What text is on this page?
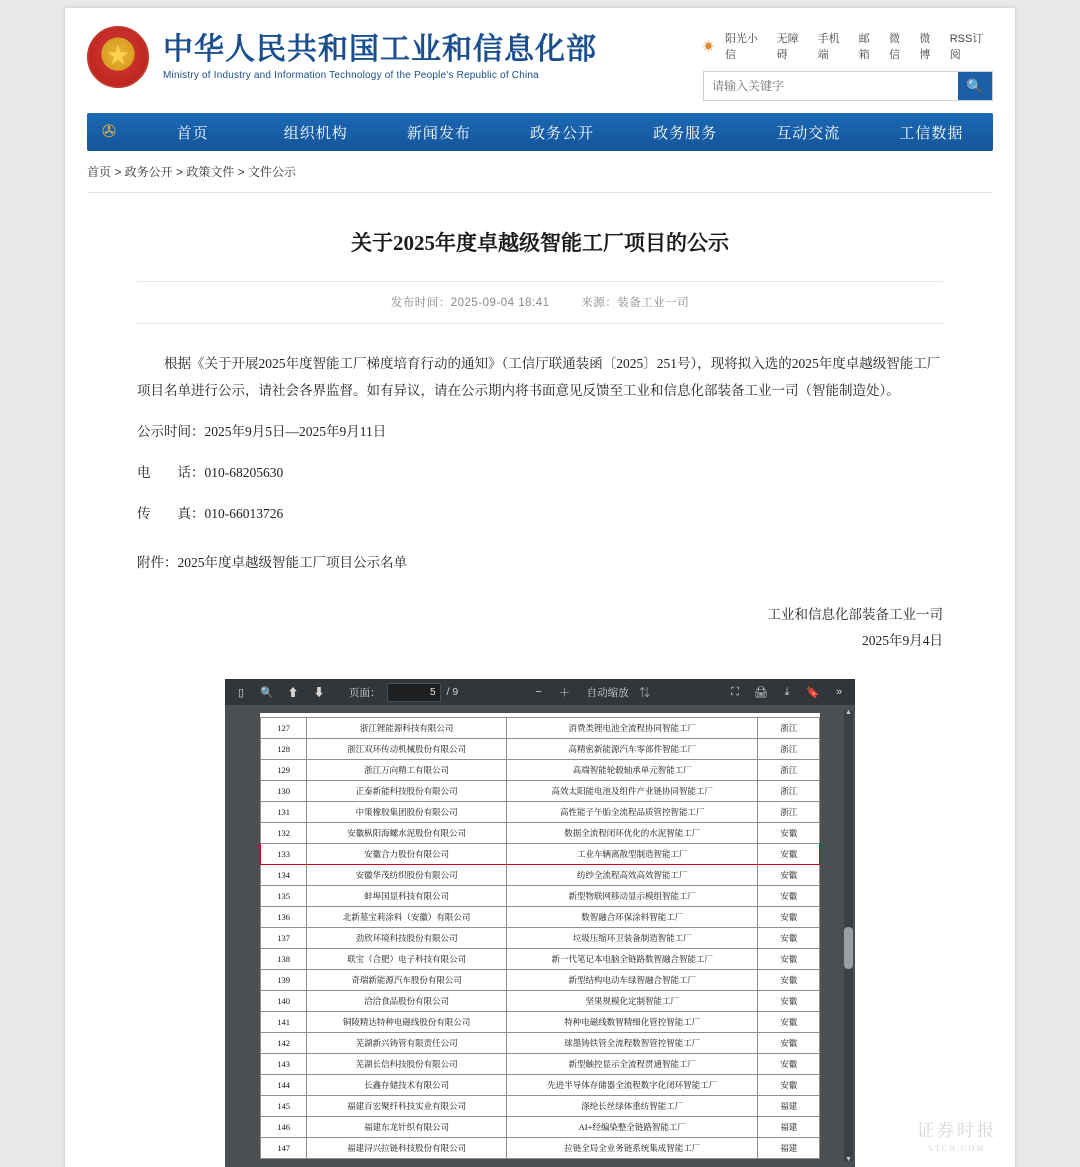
★
中华人民共和国工业和信息化部
Ministry of Industry and Information Technology of the People's Republic of China
☀
阳光小信
无障碍
手机端
邮箱
微信
微博
RSS订阅
请输入关键字
🔍
✇	首页	组织机构	新闻发布	政务公开	政务服务	互动交流	工信数据
首页 > 政务公开 > 政策文件 > 文件公示
关于2025年度卓越级智能工厂项目的公示
发布时间：2025-09-04 18:41	来源：装备工业一司

根据《关于开展2025年度智能工厂梯度培育行动的通知》（工信厅联通装函〔2025〕251号），现将拟入选的2025年度卓越级智能工厂项目名单进行公示，请社会各界监督。如有异议，请在公示期内将书面意见反馈至工业和信息化部装备工业一司（智能制造处）。

公示时间：2025年9月5日—2025年9月11日

电　　话：010-68205630

传　　真：010-66013726

附件：2025年度卓越级智能工厂项目公示名单

工业和信息化部装备工业一司
2025年9月4日
▯	🔍	⬆	⬇	页面：
5	/ 9	−	＋	自动缩放 ⇅	⛶	🖨	⤓	🔖	»
127	浙江锂能源科技有限公司	消费类锂电池全流程协同智能工厂	浙江
128	浙江双环传动机械股份有限公司	高精密新能源汽车零部件智能工厂	浙江
129	浙江万向精工有限公司	高端智能轮毂轴承单元智能工厂	浙江
130	正泰新能科技股份有限公司	高效太阳能电池及组件产业链协同智能工厂	浙江
131	中策橡胶集团股份有限公司	高性能子午胎全流程品质管控智能工厂	浙江
132	安徽枞阳海螺水泥股份有限公司	数据全流程闭环优化的水泥智能工厂	安徽
133	安徽合力股份有限公司	工业车辆离散型制造智能工厂	安徽
134	安徽华茂纺织股份有限公司	纺纱全流程高效高效智能工厂	安徽
135	蚌埠国显科技有限公司	新型物联网移动显示模组智能工厂	安徽
136	北新墓宝莉涂料（安徽）有限公司	数智融合环保涂料智能工厂	安徽
137	劲欣环境科技股份有限公司	垃圾压缩环卫装备制造智能工厂	安徽
138	联宝（合肥）电子科技有限公司	新一代笔记本电脑全链路数智融合智能工厂	安徽
139	奇瑞新能源汽车股份有限公司	新型结构电动车绿智融合智能工厂	安徽
140	洽洽食品股份有限公司	坚果规模化定制智能工厂	安徽
141	铜陵精达特种电磁线股份有限公司	特种电磁线数智精细化管控智能工厂	安徽
142	芜湖新兴铸管有限责任公司	球墨铸铁管全流程数智管控智能工厂	安徽
143	芜湖长信科技股份有限公司	新型触控显示全流程贯通智能工厂	安徽
144	长鑫存储技术有限公司	先进半导体存储器全流程数字化闭环智能工厂	安徽
145	福建百宏聚纤科技实业有限公司	涤纶长丝绿体重纺智能工厂	福建
146	福建东龙针织有限公司	AI+经编染整全链路智能工厂	福建
147	福建浔兴拉链科技股份有限公司	拉链全局全业务链系统集成智能工厂	福建
▲
▼
证券时报
STCN.COM
